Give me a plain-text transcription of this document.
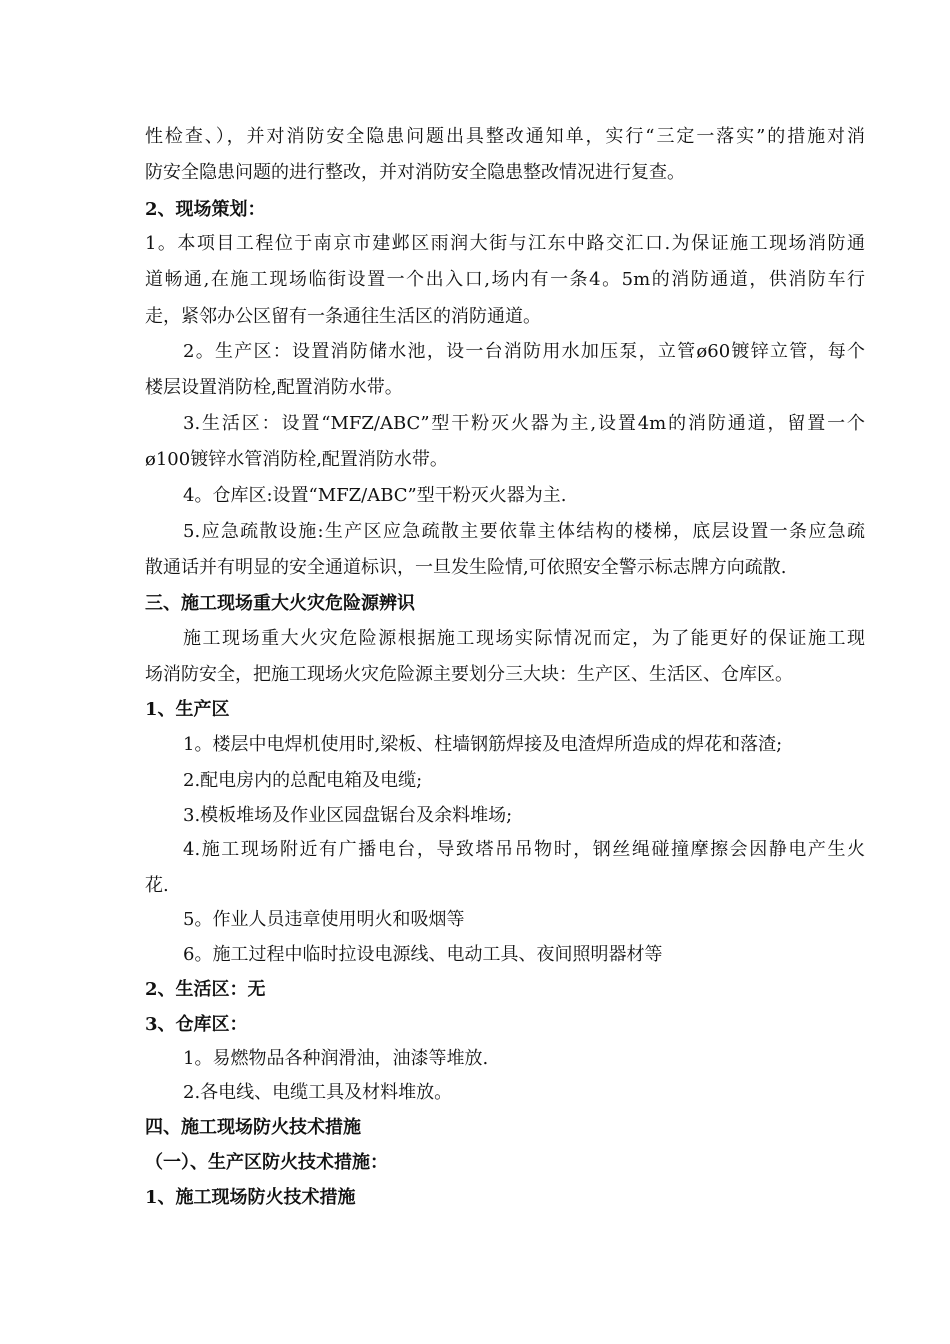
性检查、），并对消防安全隐患问题出具整改通知单，实行“三定一落实”的措施对消
防安全隐患问题的进行整改，并对消防安全隐患整改情况进行复查。
2、现场策划：
1。本项目工程位于南京市建邺区雨润大街与江东中路交汇口.为保证施工现场消防通
道畅通,在施工现场临街设置一个出入口,场内有一条4。5m的消防通道，供消防车行
走，紧邻办公区留有一条通往生活区的消防通道。
2。生产区：设置消防储水池，设一台消防用水加压泵，立管ø60镀锌立管，每个
楼层设置消防栓,配置消防水带。
3.生活区：设置“MFZ/ABC”型干粉灭火器为主,设置4m的消防通道，留置一个
ø100镀锌水管消防栓,配置消防水带。
4。仓库区:设置“MFZ/ABC”型干粉灭火器为主.
5.应急疏散设施:生产区应急疏散主要依靠主体结构的楼梯，底层设置一条应急疏
散通话并有明显的安全通道标识，一旦发生险情,可依照安全警示标志牌方向疏散.
三、施工现场重大火灾危险源辨识
施工现场重大火灾危险源根据施工现场实际情况而定，为了能更好的保证施工现
场消防安全，把施工现场火灾危险源主要划分三大块：生产区、生活区、仓库区。
1、生产区
1。楼层中电焊机使用时,梁板、柱墙钢筋焊接及电渣焊所造成的焊花和落渣;
2.配电房内的总配电箱及电缆;
3.模板堆场及作业区园盘锯台及余料堆场;
4.施工现场附近有广播电台，导致塔吊吊物时，钢丝绳碰撞摩擦会因静电产生火
花.
5。作业人员违章使用明火和吸烟等
6。施工过程中临时拉设电源线、电动工具、夜间照明器材等
2、生活区：无
3、仓库区：
1。易燃物品各种润滑油，油漆等堆放.
2.各电线、电缆工具及材料堆放。
四、施工现场防火技术措施
（一）、生产区防火技术措施：
1、施工现场防火技术措施
